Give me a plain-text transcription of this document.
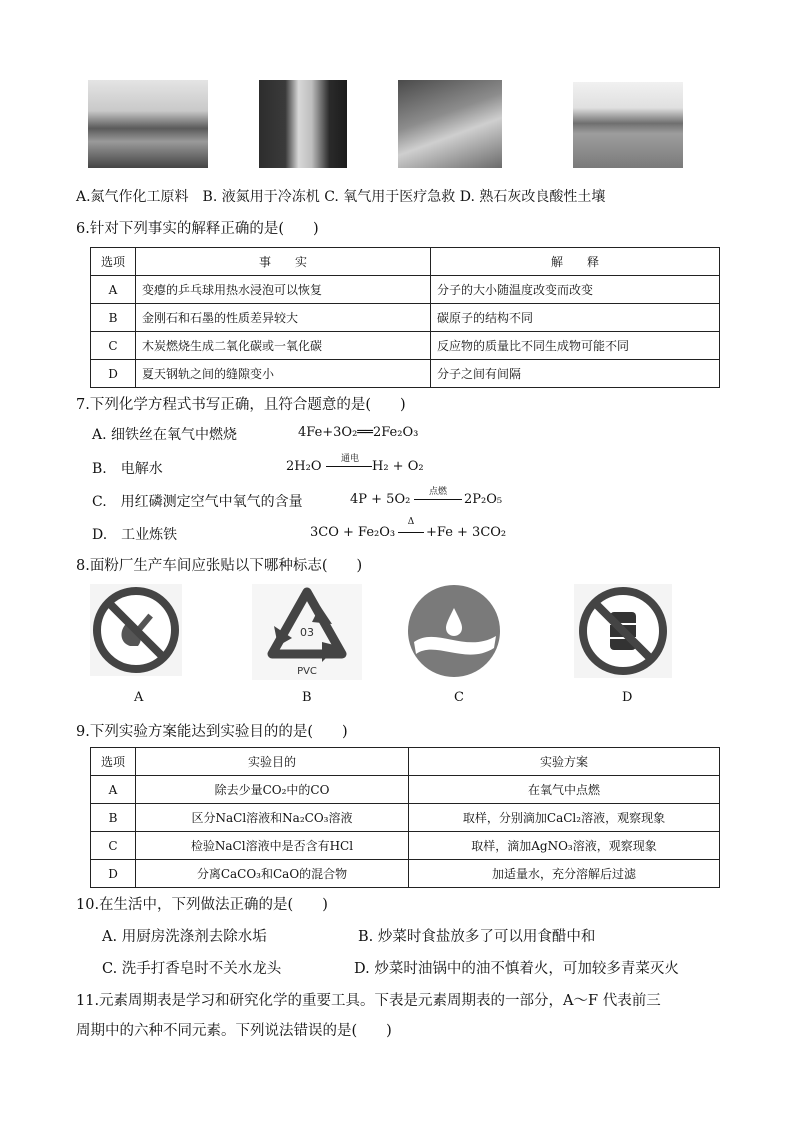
A.氮气作化工原料　B. 液氮用于冷冻机 C. 氧气用于医疗急救 D. 熟石灰改良酸性土壤
6.针对下列事实的解释正确的是(　　)
选项	事　　实	解　　释
A	变瘪的乒乓球用热水浸泡可以恢复	分子的大小随温度改变而改变
B	金刚石和石墨的性质差异较大	碳原子的结构不同
C	木炭燃烧生成二氧化碳或一氧化碳	反应物的质量比不同生成物可能不同
D	夏天钢轨之间的缝隙变小	分子之间有间隔
7.下列化学方程式书写正确，且符合题意的是(　　)
A. 细铁丝在氧气中燃烧	4Fe+3O₂══2Fe₂O₃
B.　电解水	2H₂O	通电	H₂ + O₂
C.　用红磷测定空气中氧气的含量	4P + 5O₂	点燃	2P₂O₅
D.　工业炼铁	3CO + Fe₂O₃
Δ
+Fe + 3CO₂
8.面粉厂生产车间应张贴以下哪种标志(　　)
03
PVC
A	B	C	D
9.下列实验方案能达到实验目的的是(　　)
选项	实验目的	实验方案
A	除去少量CO₂中的CO	在氧气中点燃
B	区分NaCl溶液和Na₂CO₃溶液	取样，分别滴加CaCl₂溶液，观察现象
C	检验NaCl溶液中是否含有HCl	取样，滴加AgNO₃溶液，观察现象
D	分离CaCO₃和CaO的混合物	加适量水，充分溶解后过滤
10.在生活中，下列做法正确的是(　　)
A. 用厨房洗涤剂去除水垢	B. 炒菜时食盐放多了可以用食醋中和
C. 洗手打香皂时不关水龙头	D. 炒菜时油锅中的油不慎着火，可加较多青菜灭火
11.元素周期表是学习和研究化学的重要工具。下表是元素周期表的一部分，A～F 代表前三
周期中的六种不同元素。下列说法错误的是(　　)
